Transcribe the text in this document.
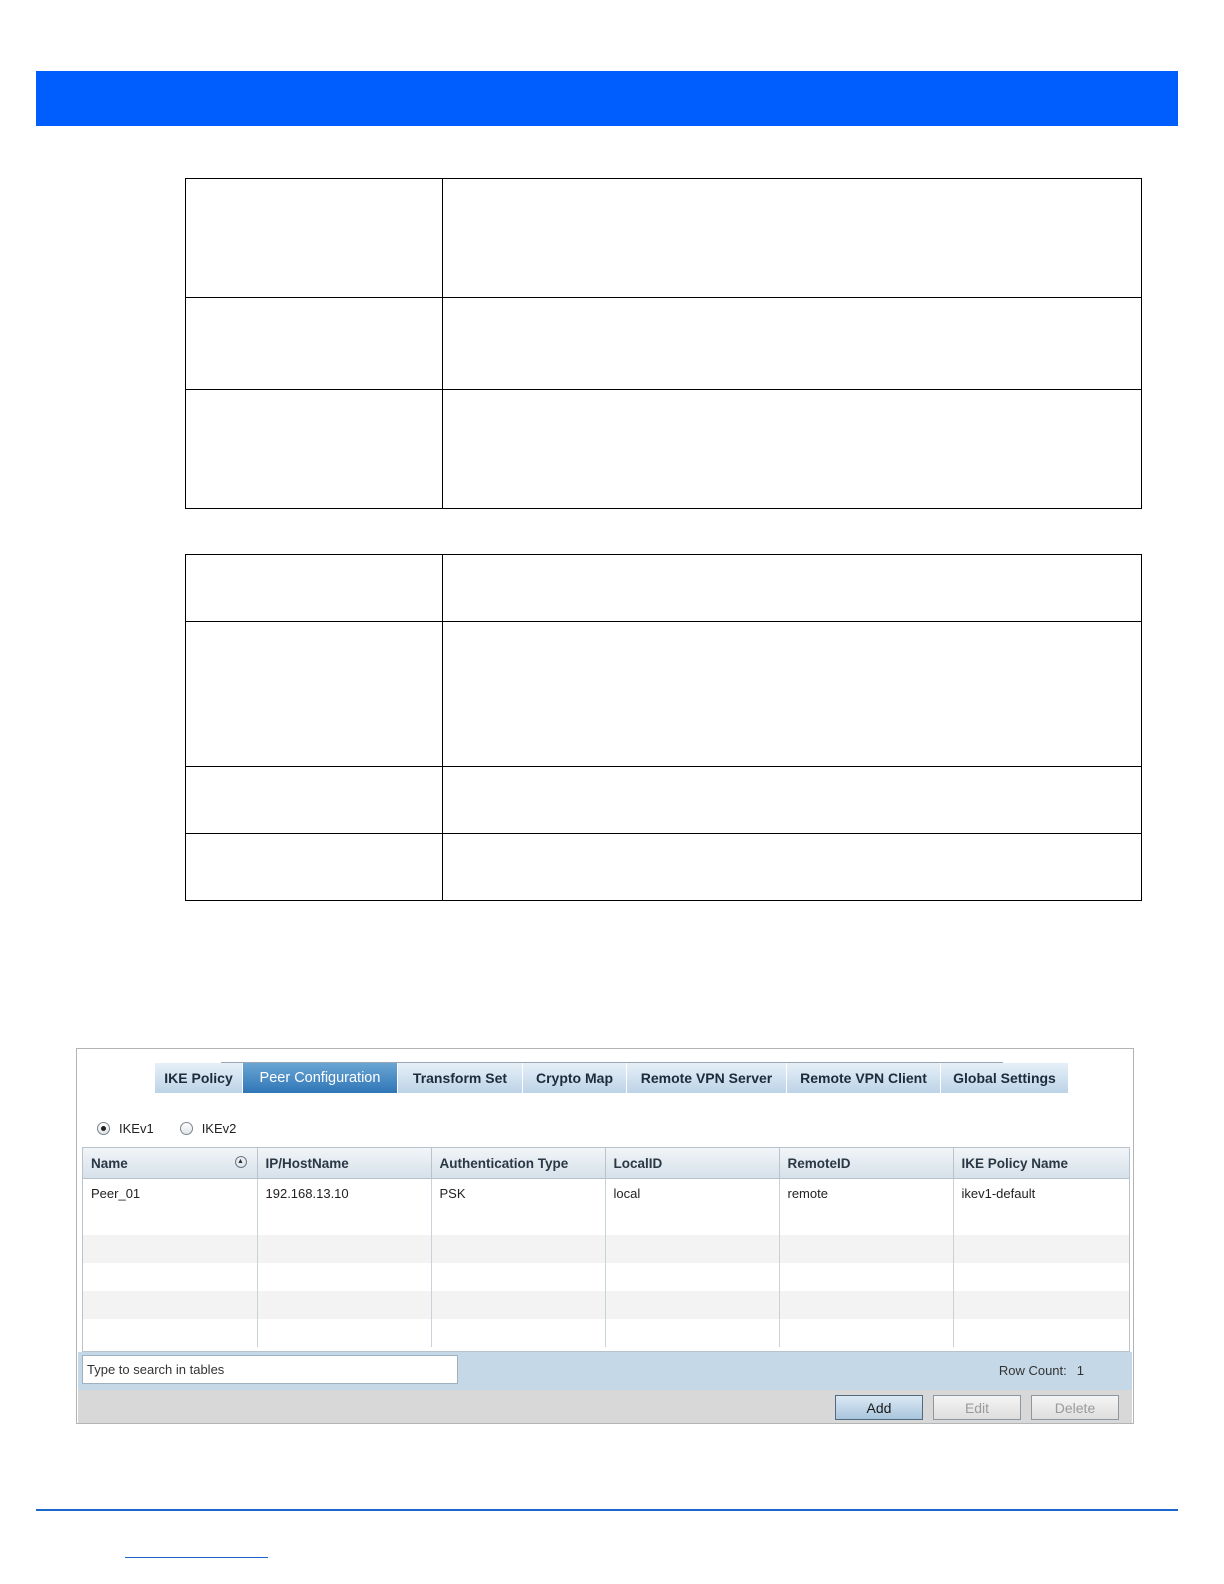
IKE Policy	Peer Configuration	Transform Set	Crypto Map	Remote VPN Server	Remote VPN Client	Global Settings
IKEv1	IKEv2
Name ▲	IP/HostName	Authentication Type	LocalID	RemoteID	IKE Policy Name
Peer_01	192.168.13.10	PSK	local	remote	ikev1-default

Type to search in tables
Row Count: 1
Add	Edit	Delete
